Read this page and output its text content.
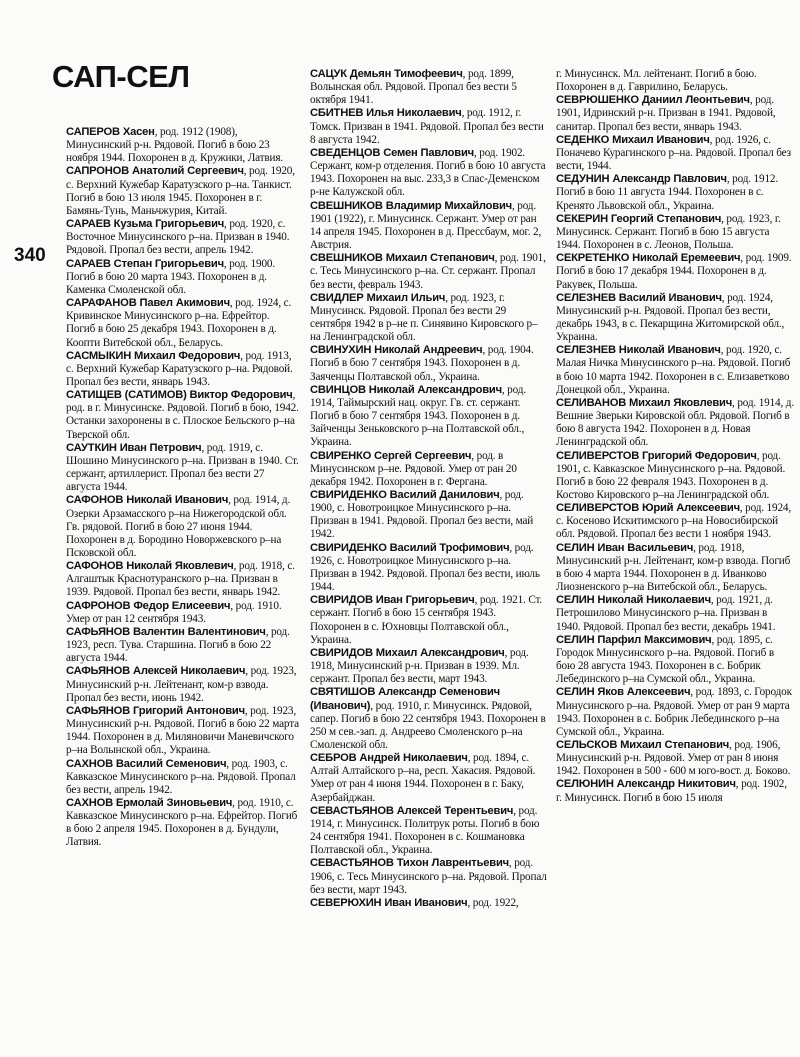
САП-СЕЛ
340
САПЕРОВ Хасен, род. 1912 (1908), Минусинский р-н. Рядовой. Погиб в бою 23 ноября 1944. Похоронен в д. Кружики, Латвия.
САПРОНОВ Анатолий Сергеевич, род. 1920, с. Верхний Кужебар Каратузского р–на. Танкист. Погиб в бою 13 июля 1945. Похоронен в г. Бамянь-Тунь, Маньчжурия, Китай.
САРАЕВ Кузьма Григорьевич, род. 1920, с. Восточное Минусинского р–на. Призван в 1940. Рядовой. Пропал без вести, апрель 1942.
САРАЕВ Степан Григорьевич, род. 1900. Погиб в бою 20 марта 1943. Похоронен в д. Каменка Смоленской обл.
САРАФАНОВ Павел Акимович, род. 1924, с. Кривинское Минусинского р–на. Ефрейтор. Погиб в бою 25 декабря 1943. Похоронен в д. Коопти Витебской обл., Беларусь.
САСМЫКИН Михаил Федорович, род. 1913, с. Верхний Кужебар Каратузского р–на. Рядовой. Пропал без вести, январь 1943.
САТИЩЕВ (САТИМОВ) Виктор Федорович, род. в г. Минусинске. Рядовой. Погиб в бою, 1942. Останки захоронены в с. Плоское Бельского р–на Тверской обл.
САУТКИН Иван Петрович, род. 1919, с. Шошино Минусинского р–на. Призван в 1940. Ст. сержант, артиллерист. Пропал без вести 27 августа 1944.
САФОНОВ Николай Иванович, род. 1914, д. Озерки Арзамасского р–на Нижегородской обл. Гв. рядовой. Погиб в бою 27 июня 1944. Похоронен в д. Бородино Новоржевского р–на Псковской обл.
САФОНОВ Николай Яковлевич, род. 1918, с. Алгаштык Краснотуранского р–на. Призван в 1939. Рядовой. Пропал без вести, январь 1942.
САФРОНОВ Федор Елисеевич, род. 1910. Умер от ран 12 сентября 1943.
САФЬЯНОВ Валентин Валентинович, род. 1923, респ. Тува. Старшина. Погиб в бою 22 августа 1944.
САФЬЯНОВ Алексей Николаевич, род. 1923, Минусинский р-н. Лейтенант, ком-р взвода. Пропал без вести, июнь 1942.
САФЬЯНОВ Григорий Антонович, род. 1923, Минусинский р-н. Рядовой. Погиб в бою 22 марта 1944. Похоронен в д. Миляновичи Маневичского р–на Волынской обл., Украина.
САХНОВ Василий Семенович, род. 1903, с. Кавказское Минусинского р–на. Рядовой. Пропал без вести, апрель 1942.
САХНОВ Ермолай Зиновьевич, род. 1910, с. Кавказское Минусинского р–на. Ефрейтор. Погиб в бою 2 апреля 1945. Похоронен в д. Бундули, Латвия.
САЦУК Демьян Тимофеевич, род. 1899, Волынская обл. Рядовой. Пропал без вести 5 октября 1941.
СБИТНЕВ Илья Николаевич, род. 1912, г. Томск. Призван в 1941. Рядовой. Пропал без вести 8 августа 1942.
СВЕДЕНЦОВ Семен Павлович, род. 1902. Сержант, ком-р отделения. Погиб в бою 10 августа 1943. Похоронен на выс. 233,3 в Спас-Деменском р-не Калужской обл.
СВЕШНИКОВ Владимир Михайлович, род. 1901 (1922), г. Минусинск. Сержант. Умер от ран 14 апреля 1945. Похоронен в д. Прессбаум, мог. 2, Австрия.
СВЕШНИКОВ Михаил Степанович, род. 1901, с. Тесь Минусинского р–на. Ст. сержант. Пропал без вести, февраль 1943.
СВИДЛЕР Михаил Ильич, род. 1923, г. Минусинск. Рядовой. Пропал без вести 29 сентября 1942 в р–не п. Синявино Кировского р–на Ленинградской обл.
СВИНУХИН Николай Андреевич, род. 1904. Погиб в бою 7 сентября 1943. Похоронен в д. Заяченцы Полтавской обл., Украина.
СВИНЦОВ Николай Александрович, род. 1914, Таймырский нац. округ. Гв. ст. сержант. Погиб в бою 7 сентября 1943. Похоронен в д. Зайченцы Зеньковского р–на Полтавской обл., Украина.
СВИРЕНКО Сергей Сергеевич, род. в Минусинском р–не. Рядовой. Умер от ран 20 декабря 1942. Похоронен в г. Фергана.
СВИРИДЕНКО Василий Данилович, род. 1900, с. Новотроицкое Минусинского р–на. Призван в 1941. Рядовой. Пропал без вести, май 1942.
СВИРИДЕНКО Василий Трофимович, род. 1926, с. Новотроицкое Минусинского р–на. Призван в 1942. Рядовой. Пропал без вести, июль 1944.
СВИРИДОВ Иван Григорьевич, род. 1921. Ст. сержант. Погиб в бою 15 сентября 1943. Похоронен в с. Юхновцы Полтавской обл., Украина.
СВИРИДОВ Михаил Александрович, род. 1918, Минусинский р-н. Призван в 1939. Мл. сержант. Пропал без вести, март 1943.
СВЯТИШОВ Александр Семенович (Иванович), род. 1910, г. Минусинск. Рядовой, сапер. Погиб в бою 22 сентября 1943. Похоронен в 250 м сев.-зап. д. Андреево Смоленского р–на Смоленской обл.
СЕБРОВ Андрей Николаевич, род. 1894, с. Алтай Алтайского р–на, респ. Хакасия. Рядовой. Умер от ран 4 июня 1944. Похоронен в г. Баку, Азербайджан.
СЕВАСТЬЯНОВ Алексей Терентьевич, род. 1914, г. Минусинск. Политрук роты. Погиб в бою 24 сентября 1941. Похоронен в с. Кошмановка Полтавской обл., Украина.
СЕВАСТЬЯНОВ Тихон Лаврентьевич, род. 1906, с. Тесь Минусинского р–на. Рядовой. Пропал без вести, март 1943.
СЕВЕРЮХИН Иван Иванович, род. 1922,
г. Минусинск. Мл. лейтенант. Погиб в бою. Похоронен в д. Гаврилино, Беларусь.
СЕВРЮШЕНКО Даниил Леонтьевич, род. 1901, Идринский р-н. Призван в 1941. Рядовой, санитар. Пропал без вести, январь 1943.
СЕДЕНКО Михаил Иванович, род. 1926, с. Поначево Курагинского р–на. Рядовой. Пропал без вести, 1944.
СЕДУНИН Александр Павлович, род. 1912. Погиб в бою 11 августа 1944. Похоронен в с. Кренято Львовской обл., Украина.
СЕКЕРИН Георгий Степанович, род. 1923, г. Минусинск. Сержант. Погиб в бою 15 августа 1944. Похоронен в с. Леонов, Польша.
СЕКРЕТЕНКО Николай Еремеевич, род. 1909. Погиб в бою 17 декабря 1944. Похоронен в д. Ракувек, Польша.
СЕЛЕЗНЕВ Василий Иванович, род. 1924, Минусинский р-н. Рядовой. Пропал без вести, декабрь 1943, в с. Пекарщина Житомирской обл., Украина.
СЕЛЕЗНЕВ Николай Иванович, род. 1920, с. Малая Ничка Минусинского р–на. Рядовой. Погиб в бою 10 марта 1942. Похоронен в с. Елизаветково Донецкой обл., Украина.
СЕЛИВАНОВ Михаил Яковлевич, род. 1914, д. Вешние Зверьки Кировской обл. Рядовой. Погиб в бою 8 августа 1942. Похоронен в д. Новая Ленинградской обл.
СЕЛИВЕРСТОВ Григорий Федорович, род. 1901, с. Кавказское Минусинского р–на. Рядовой. Погиб в бою 22 февраля 1943. Похоронен в д. Костово Кировского р–на Ленинградской обл.
СЕЛИВЕРСТОВ Юрий Алексеевич, род. 1924, с. Косеново Искитимского р–на Новосибирской обл. Рядовой. Пропал без вести 1 ноября 1943.
СЕЛИН Иван Васильевич, род. 1918, Минусинский р-н. Лейтенант, ком-р взвода. Погиб в бою 4 марта 1944. Похоронен в д. Иванково Лиозненского р–на Витебской обл., Беларусь.
СЕЛИН Николай Николаевич, род. 1921, д. Петрошилово Минусинского р–на. Призван в 1940. Рядовой. Пропал без вести, декабрь 1941.
СЕЛИН Парфил Максимович, род. 1895, с. Городок Минусинского р–на. Рядовой. Погиб в бою 28 августа 1943. Похоронен в с. Бобрик Лебединского р–на Сумской обл., Украина.
СЕЛИН Яков Алексеевич, род. 1893, с. Городок Минусинского р–на. Рядовой. Умер от ран 9 марта 1943. Похоронен в с. Бобрик Лебединского р–на Сумской обл., Украина.
СЕЛЬСКОВ Михаил Степанович, род. 1906, Минусинский р-н. Рядовой. Умер от ран 8 июня 1942. Похоронен в 500 - 600 м юго-вост. д. Боково.
СЕЛЮНИН Александр Никитович, род. 1902, г. Минусинск. Погиб в бою 15 июля
